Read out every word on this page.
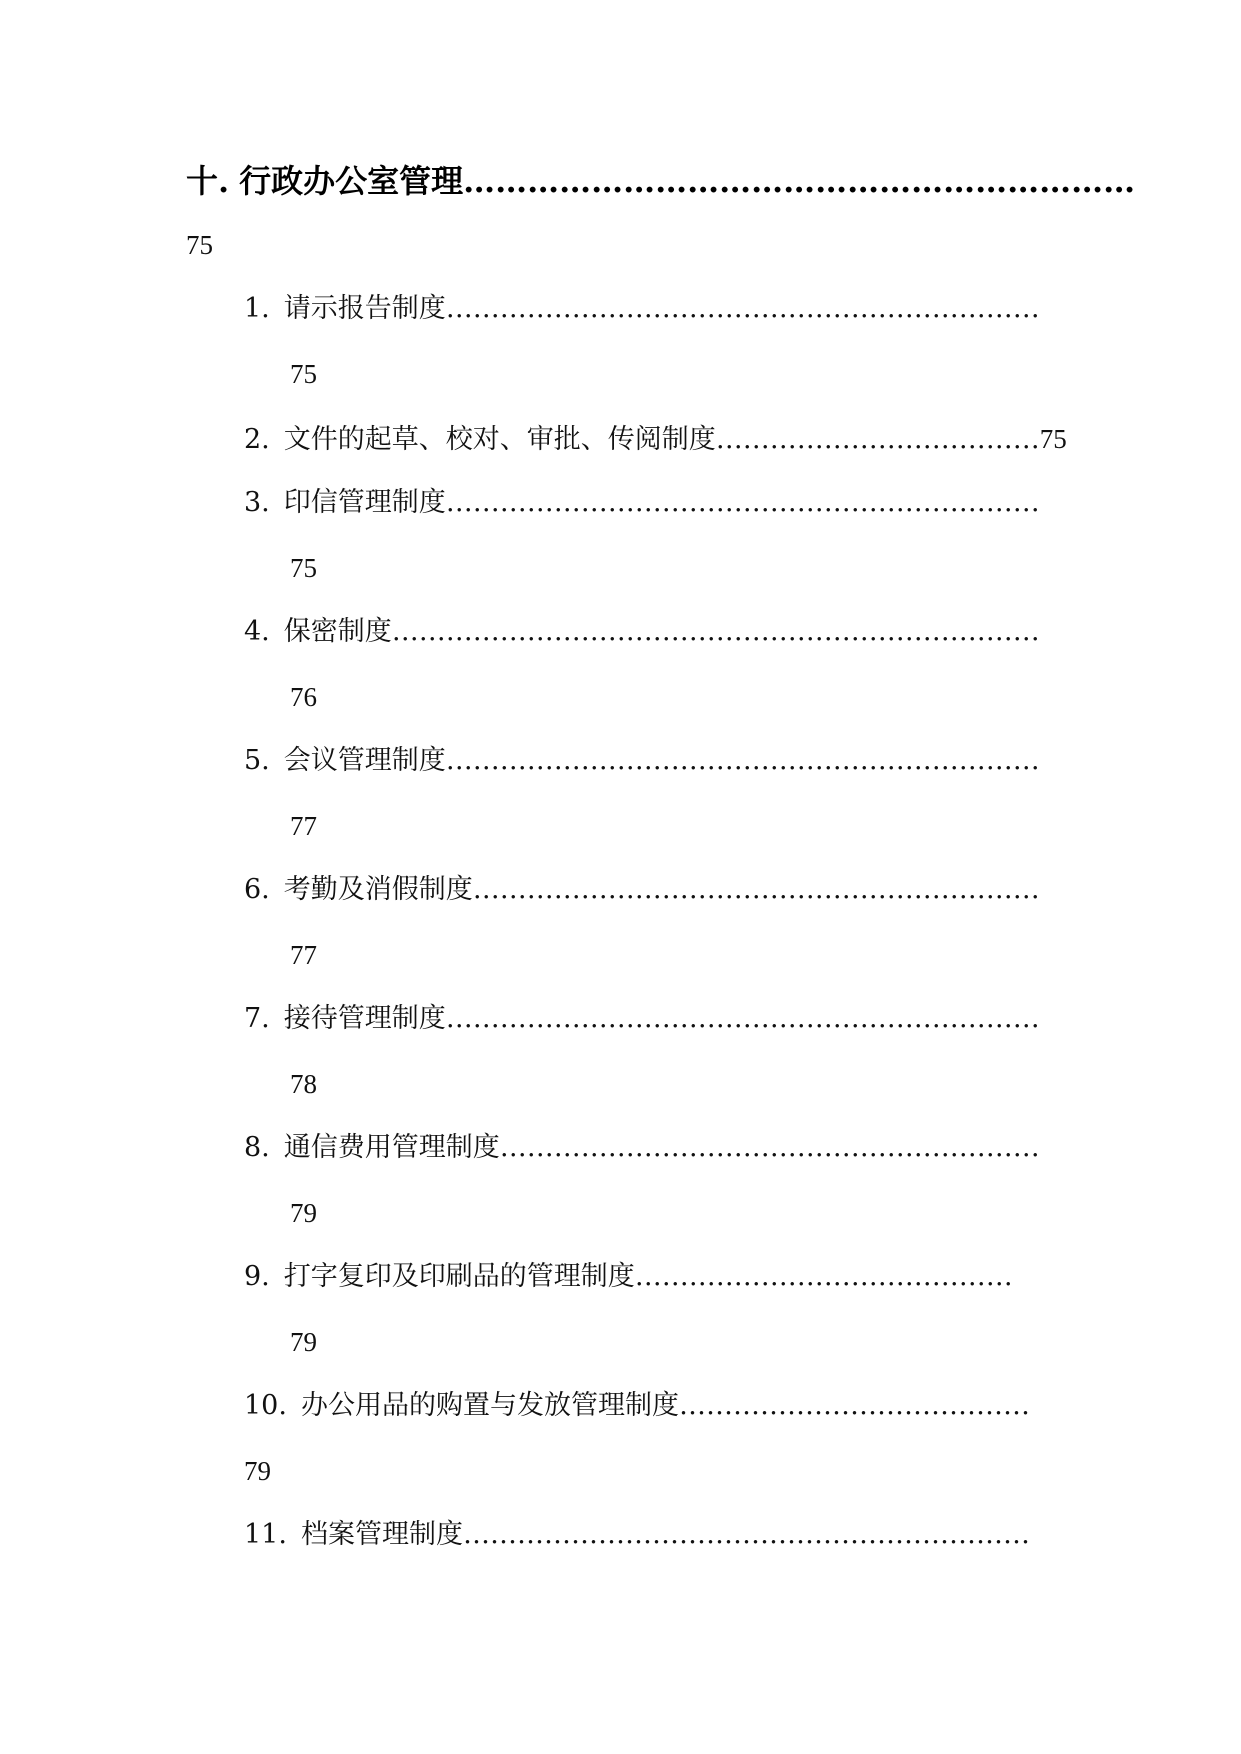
十. 行政办公室管理………………………………………………………
75
1. 请示报告制度…………………………………………………………
75
2. 文件的起草、校对、审批、传阅制度………………………………75
3. 印信管理制度…………………………………………………………
75
4. 保密制度………………………………………………………………
76
5. 会议管理制度…………………………………………………………
77
6. 考勤及消假制度………………………………………………………
77
7. 接待管理制度…………………………………………………………
78
8. 通信费用管理制度……………………………………………………
79
9. 打字复印及印刷品的管理制度……………………………………
79
10. 办公用品的购置与发放管理制度…………………………………
79
11. 档案管理制度………………………………………………………
